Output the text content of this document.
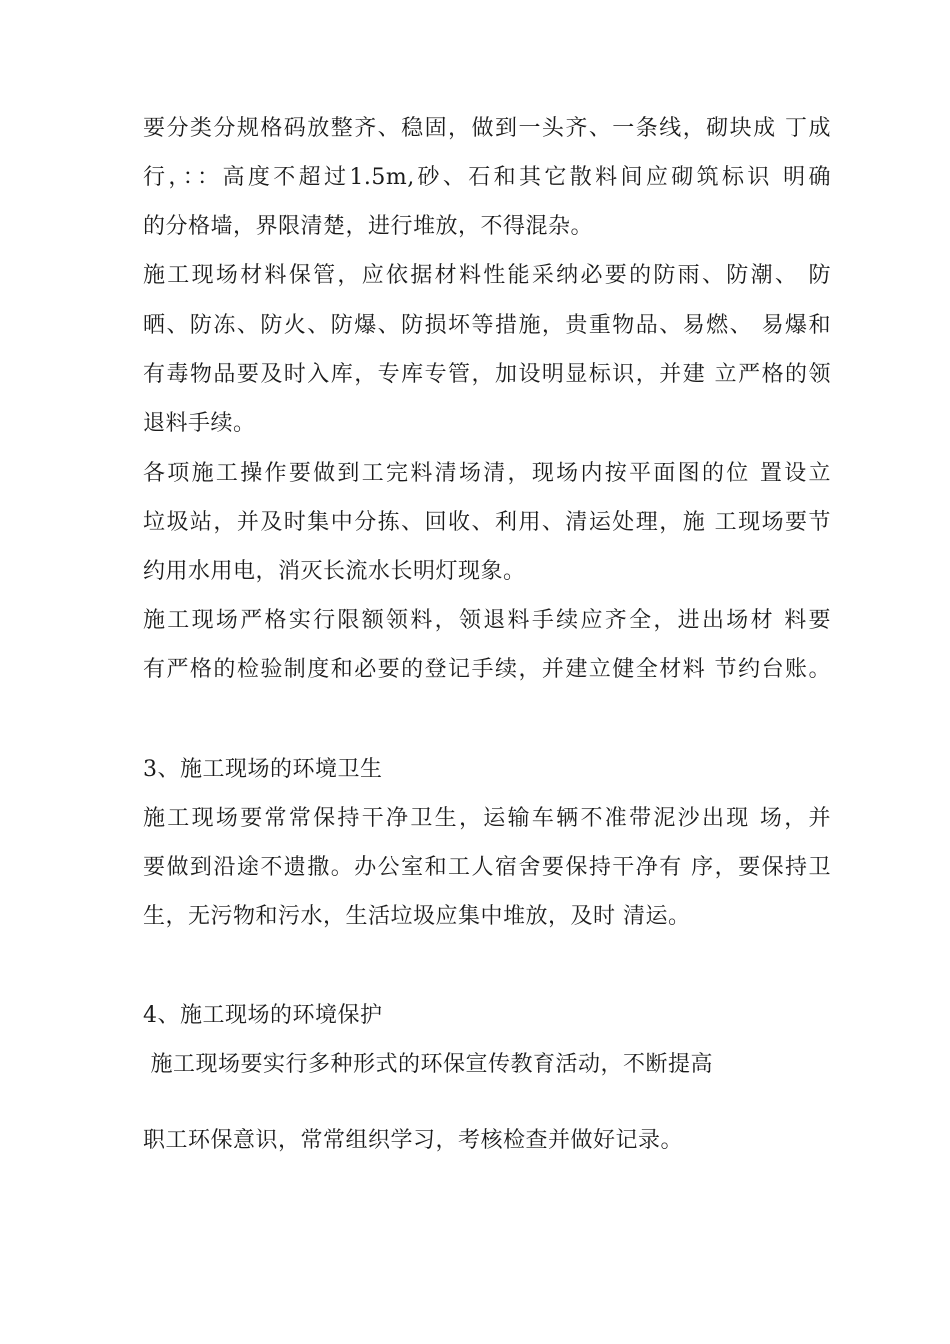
要分类分规格码放整齐、稳固，做到一头齐、一条线，砌块成 丁成
行，：：高度不超过1.5m,砂、石和其它散料间应砌筑标识 明确
的分格墙，界限清楚，进行堆放，不得混杂。
施工现场材料保管，应依据材料性能采纳必要的防雨、防潮、 防
晒、防冻、防火、防爆、防损坏等措施，贵重物品、易燃、 易爆和
有毒物品要及时入库，专库专管，加设明显标识，并建 立严格的领
退料手续。
各项施工操作要做到工完料清场清，现场内按平面图的位 置设立
垃圾站，并及时集中分拣、回收、利用、清运处理，施 工现场要节
约用水用电，消灭长流水长明灯现象。
施工现场严格实行限额领料，领退料手续应齐全，进出场材 料要
有严格的检验制度和必要的登记手续，并建立健全材料 节约台账。
3、施工现场的环境卫生
施工现场要常常保持干净卫生，运输车辆不准带泥沙出现 场，并
要做到沿途不遗撒。办公室和工人宿舍要保持干净有 序，要保持卫
生，无污物和污水，生活垃圾应集中堆放，及时 清运。
4、施工现场的环境保护
施工现场要实行多种形式的环保宣传教育活动，不断提高
职工环保意识，常常组织学习，考核检查并做好记录。
